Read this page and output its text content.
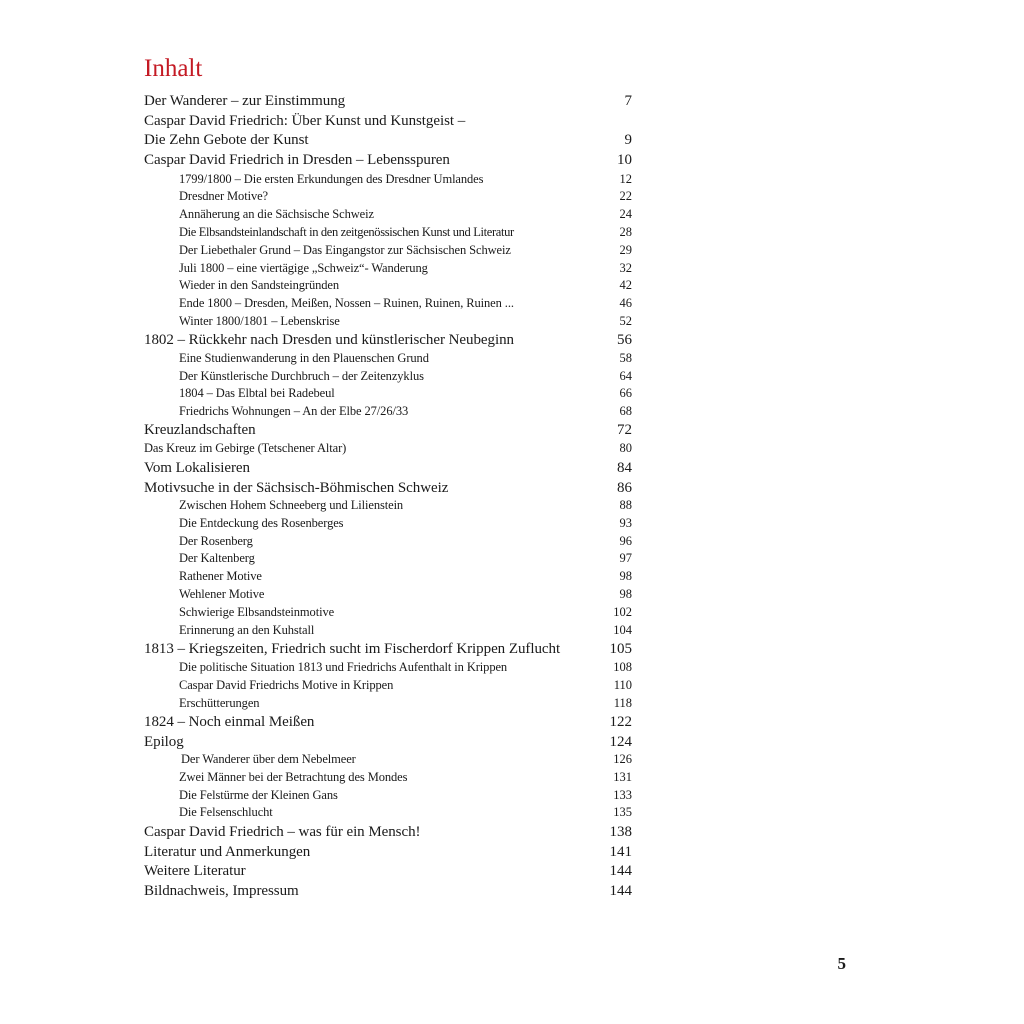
Inhalt
Der Wanderer – zur Einstimmung	7
Caspar David Friedrich: Über Kunst und Kunstgeist –
Die Zehn Gebote der Kunst	9
Caspar David Friedrich in Dresden – Lebensspuren	10
1799/1800 – Die ersten Erkundungen des Dresdner Umlandes	12
Dresdner Motive?	22
Annäherung an die Sächsische Schweiz	24
Die Elbsandsteinlandschaft in den zeitgenössischen Kunst und Literatur	28
Der Liebethaler Grund – Das Eingangstor zur Sächsischen Schweiz	29
Juli 1800 – eine viertägige „Schweiz“- Wanderung	32
Wieder in den Sandsteingründen	42
Ende 1800 – Dresden, Meißen, Nossen – Ruinen, Ruinen, Ruinen ...	46
Winter 1800/1801 – Lebenskrise	52
1802 – Rückkehr nach Dresden und künstlerischer Neubeginn	56
Eine Studienwanderung in den Plauenschen Grund	58
Der Künstlerische Durchbruch – der Zeitenzyklus	64
1804 – Das Elbtal bei Radebeul	66
Friedrichs Wohnungen – An der Elbe 27/26/33	68
Kreuzlandschaften	72
Das Kreuz im Gebirge (Tetschener Altar)	80
Vom Lokalisieren	84
Motivsuche in der Sächsisch-Böhmischen Schweiz	86
Zwischen Hohem Schneeberg und Lilienstein	88
Die Entdeckung des Rosenberges	93
Der Rosenberg	96
Der Kaltenberg	97
Rathener Motive	98
Wehlener Motive	98
Schwierige Elbsandsteinmotive	102
Erinnerung an den Kuhstall	104
1813 – Kriegszeiten, Friedrich sucht im Fischerdorf Krippen Zuflucht	105
Die politische Situation 1813 und Friedrichs Aufenthalt in Krippen	108
Caspar David Friedrichs Motive in Krippen	110
Erschütterungen	118
1824 – Noch einmal Meißen	122
Epilog	124
Der Wanderer über dem Nebelmeer	126
Zwei Männer bei der Betrachtung des Mondes	131
Die Felstürme der Kleinen Gans	133
Die Felsenschlucht	135
Caspar David Friedrich – was für ein Mensch!	138
Literatur und Anmerkungen	141
Weitere Literatur	144
Bildnachweis, Impressum	144
5
